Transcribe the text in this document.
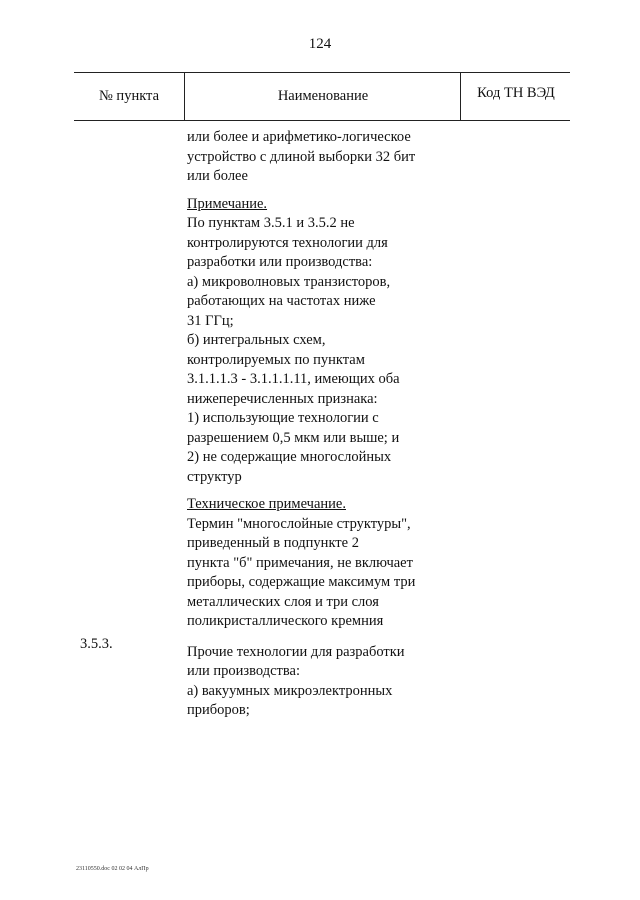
124
№ пункта	Наименование	Код ТН ВЭД

или более и арифметико-логическое
устройство с длиной выборки 32 бит
или более

Примечание.

По пунктам 3.5.1 и 3.5.2 не
контролируются технологии для
разработки или производства:
а) микроволновых транзисторов,
работающих на частотах ниже
31 ГГц;
б) интегральных схем,
контролируемых по пунктам
3.1.1.1.3 - 3.1.1.1.11, имеющих оба
нижеперечисленных признака:
1) использующие технологии с
разрешением 0,5 мкм или выше; и
2) не содержащие многослойных
структур

Техническое примечание.

Термин "многослойные структуры",
приведенный в подпункте 2
пункта "б" примечания, не включает
приборы, содержащие максимум три
металлических слоя и три слоя
поликристаллического кремния

Прочие технологии для разработки
или производства:
а) вакуумных микроэлектронных
приборов;

3.5.3.
23110550.doc 02 02 04 АлПр
